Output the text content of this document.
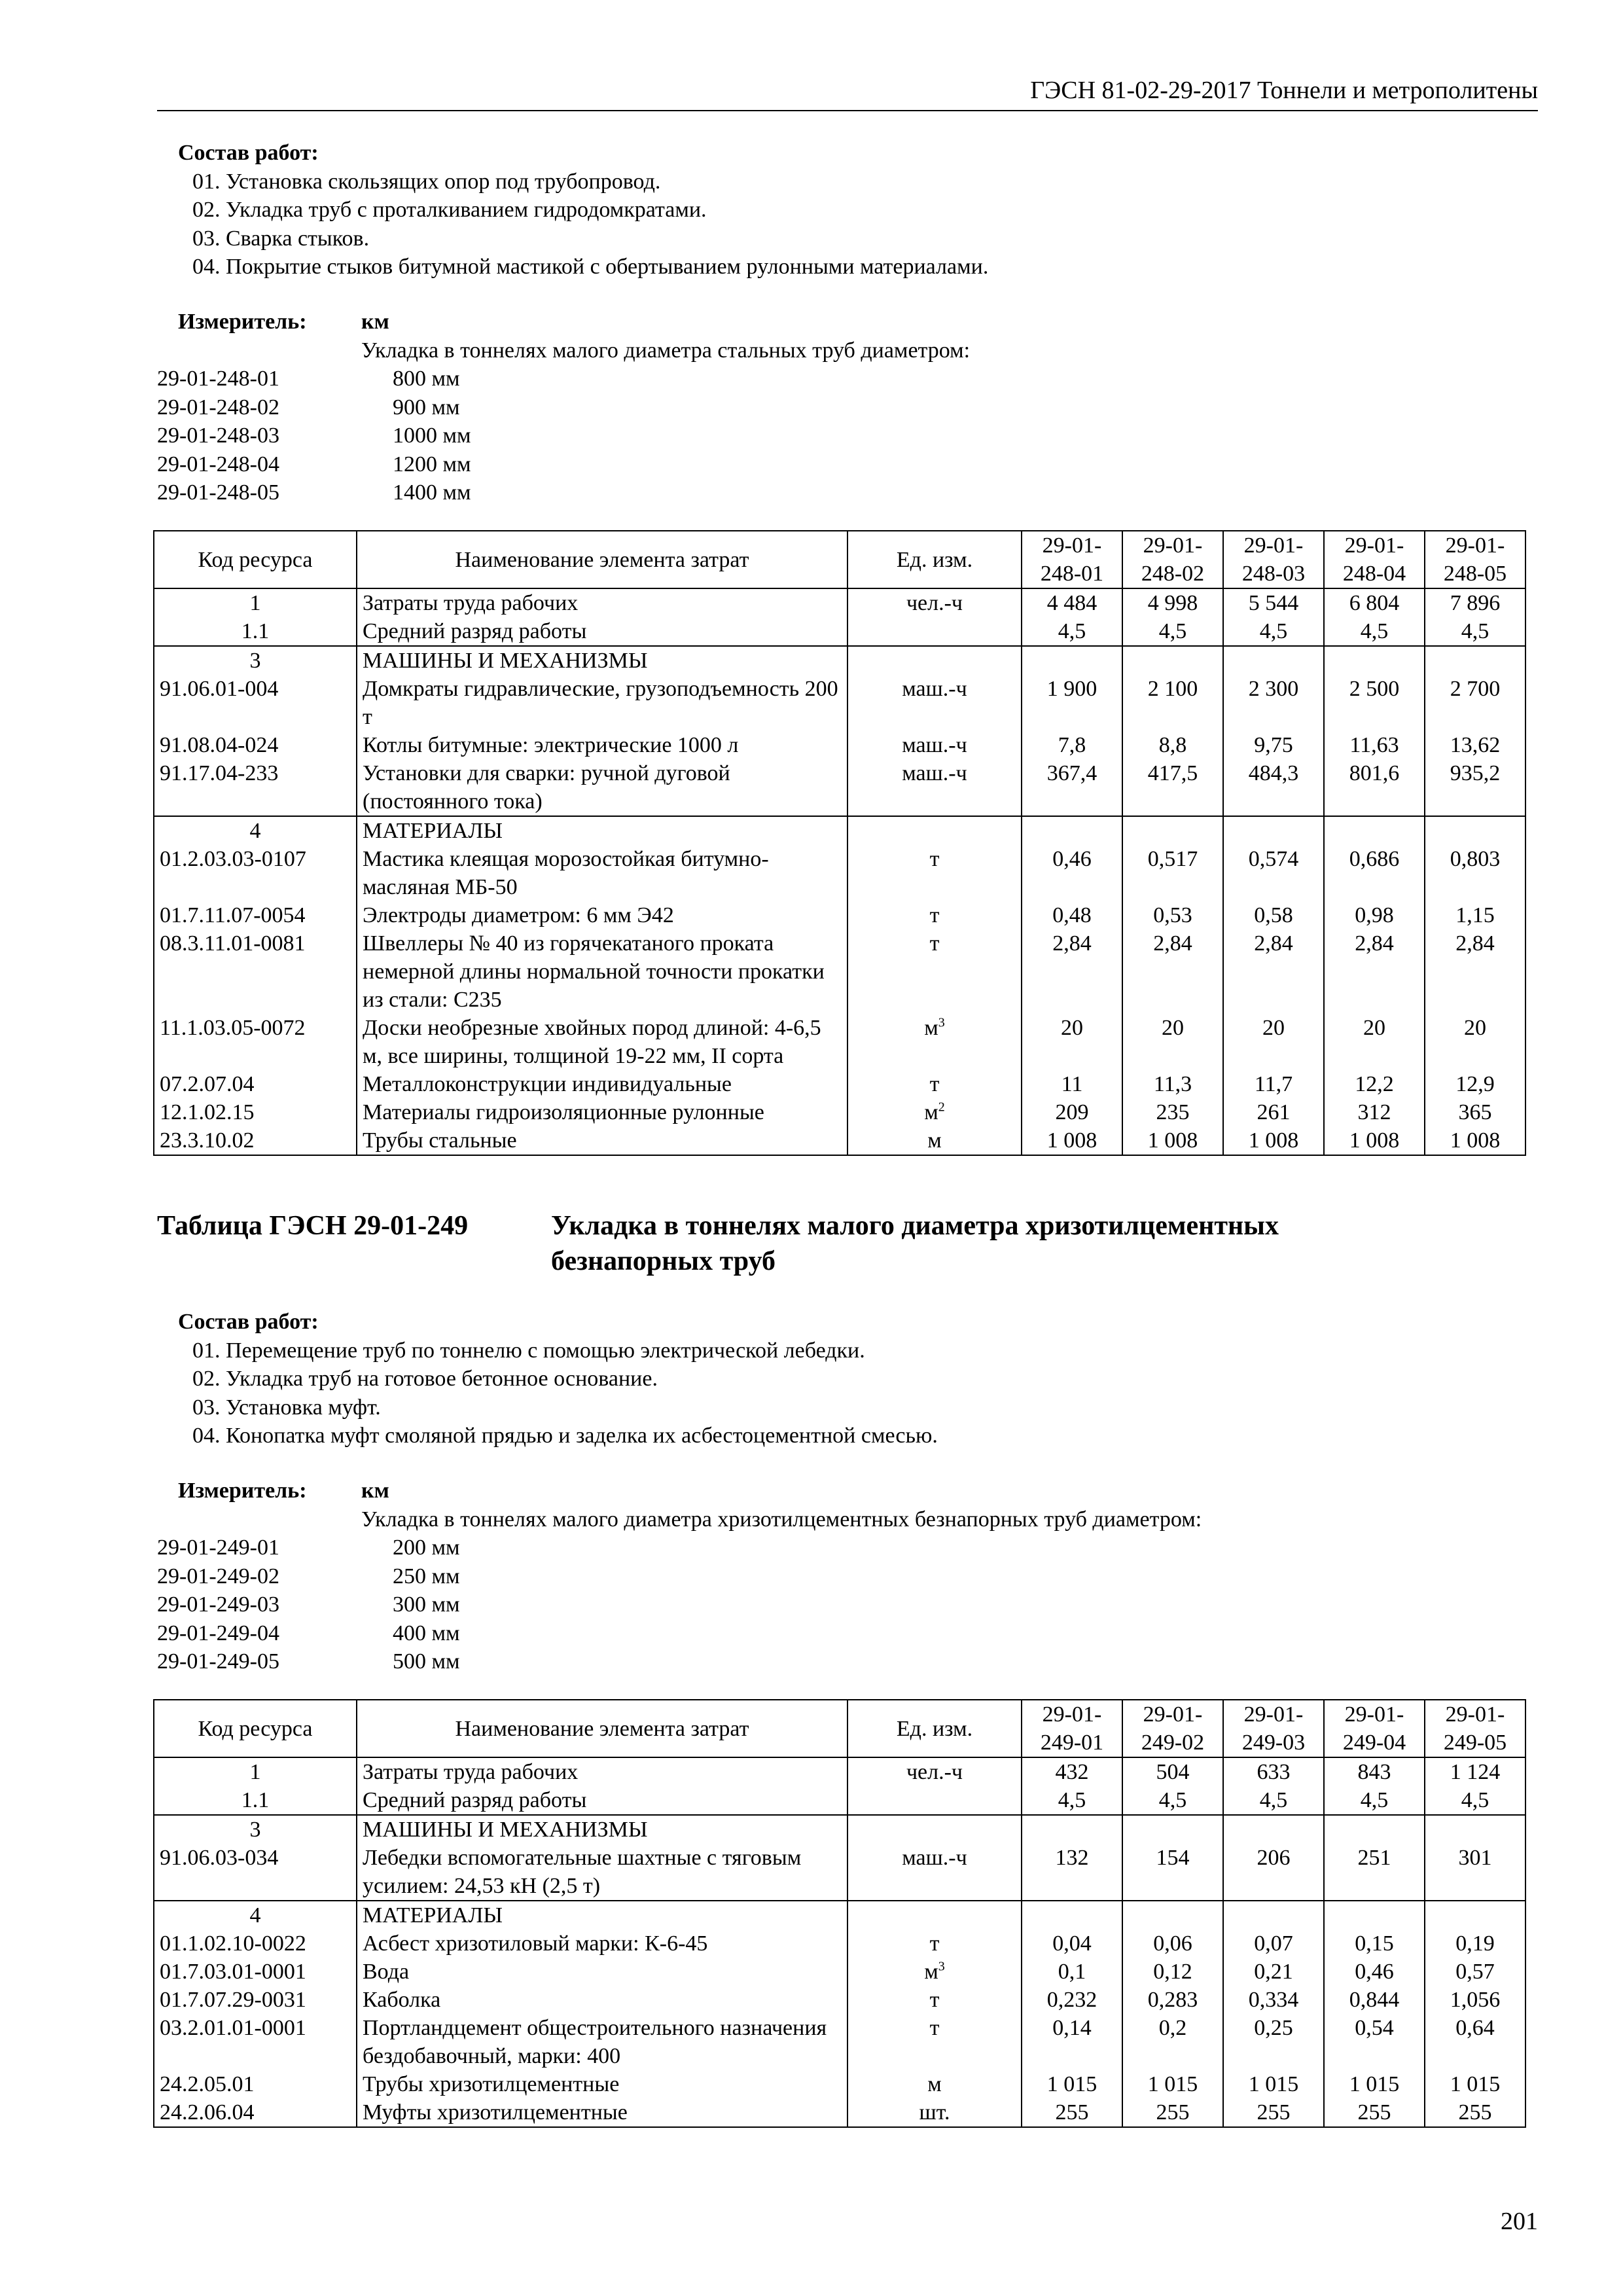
ГЭСН 81-02-29-2017 Тоннели и метрополитены
Состав работ:
01. Установка скользящих опор под трубопровод.
02. Укладка труб с проталкиванием гидродомкратами.
03. Сварка стыков.
04. Покрытие стыков битумной мастикой с обертыванием рулонными материалами.
Измеритель: км
Укладка в тоннелях малого диаметра стальных труб диаметром:
29-01-248-01	800 мм
29-01-248-02	900 мм
29-01-248-03	1000 мм
29-01-248-04	1200 мм
29-01-248-05	1400 мм
Код ресурса	Наименование элемента затрат	Ед. изм.	29-01-248-01	29-01-248-02	29-01-248-03	29-01-248-04	29-01-248-05
1	Затраты труда рабочих	чел.-ч	4 484	4 998	5 544	6 804	7 896
1.1	Средний разряд работы		4,5	4,5	4,5	4,5	4,5
3	МАШИНЫ И МЕХАНИЗМЫ						
91.06.01-004	Домкраты гидравлические, грузоподъемность 200 т	маш.-ч	1 900	2 100	2 300	2 500	2 700
91.08.04-024	Котлы битумные: электрические 1000 л	маш.-ч	7,8	8,8	9,75	11,63	13,62
91.17.04-233	Установки для сварки: ручной дуговой (постоянного тока)	маш.-ч	367,4	417,5	484,3	801,6	935,2
4	МАТЕРИАЛЫ						
01.2.03.03-0107	Мастика клеящая морозостойкая битумно-масляная МБ-50	т	0,46	0,517	0,574	0,686	0,803
01.7.11.07-0054	Электроды диаметром: 6 мм Э42	т	0,48	0,53	0,58	0,98	1,15
08.3.11.01-0081	Швеллеры № 40 из горячекатаного проката немерной длины нормальной точности прокатки из стали: С235	т	2,84	2,84	2,84	2,84	2,84
11.1.03.05-0072	Доски необрезные хвойных пород длиной: 4-6,5 м, все ширины, толщиной 19-22 мм, II сорта	$м^3$	20	20	20	20	20
07.2.07.04	Металлоконструкции индивидуальные	т	11	11,3	11,7	12,2	12,9
12.1.02.15	Материалы гидроизоляционные рулонные	$м^2$	209	235	261	312	365
23.3.10.02	Трубы стальные	м	1 008	1 008	1 008	1 008	1 008
Таблица ГЭСН 29-01-249	Укладка в тоннелях малого диаметра хризотилцементных
безнапорных труб
Состав работ:
01. Перемещение труб по тоннелю с помощью электрической лебедки.
02. Укладка труб на готовое бетонное основание.
03. Установка муфт.
04. Конопатка муфт смоляной прядью и заделка их асбестоцементной смесью.
Измеритель: км
Укладка в тоннелях малого диаметра хризотилцементных безнапорных труб диаметром:
29-01-249-01	200 мм
29-01-249-02	250 мм
29-01-249-03	300 мм
29-01-249-04	400 мм
29-01-249-05	500 мм
Код ресурса	Наименование элемента затрат	Ед. изм.	29-01-249-01	29-01-249-02	29-01-249-03	29-01-249-04	29-01-249-05
1	Затраты труда рабочих	чел.-ч	432	504	633	843	1 124
1.1	Средний разряд работы		4,5	4,5	4,5	4,5	4,5
3	МАШИНЫ И МЕХАНИЗМЫ						
91.06.03-034	Лебедки вспомогательные шахтные с тяговым усилием: 24,53 кН (2,5 т)	маш.-ч	132	154	206	251	301
4	МАТЕРИАЛЫ						
01.1.02.10-0022	Асбест хризотиловый марки: К-6-45	т	0,04	0,06	0,07	0,15	0,19
01.7.03.01-0001	Вода	$м^3$	0,1	0,12	0,21	0,46	0,57
01.7.07.29-0031	Каболка	т	0,232	0,283	0,334	0,844	1,056
03.2.01.01-0001	Портландцемент общестроительного назначения бездобавочный, марки: 400	т	0,14	0,2	0,25	0,54	0,64
24.2.05.01	Трубы хризотилцементные	м	1 015	1 015	1 015	1 015	1 015
24.2.06.04	Муфты хризотилцементные	шт.	255	255	255	255	255
201
